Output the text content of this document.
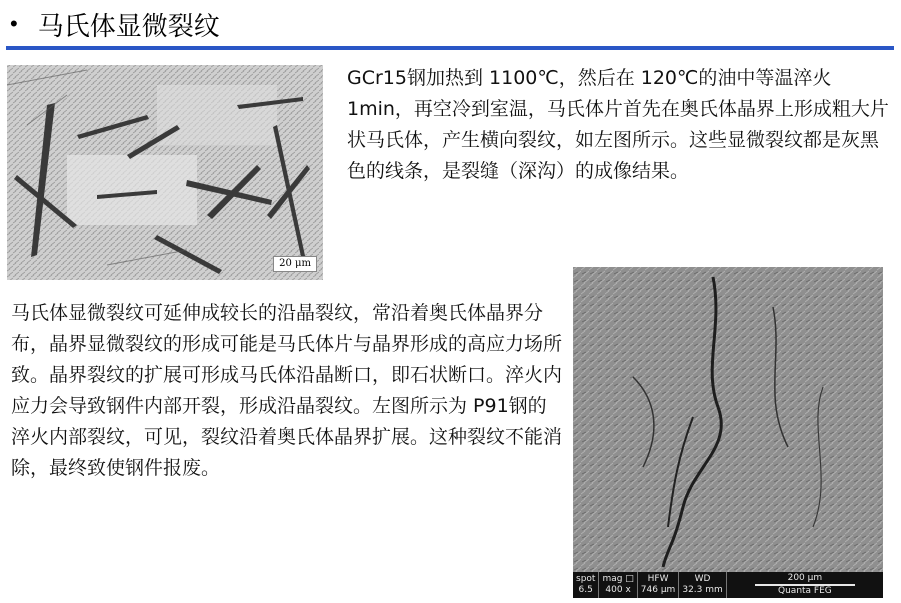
• 马氏体显微裂纹
20 μm
GCr15钢加热到 1100℃，然后在 120℃的油中等温淬火 1min，再空冷到室温，马氏体片首先在奥氏体晶界上形成粗大片状马氏体，产生横向裂纹，如左图所示。这些显微裂纹都是灰黑色的线条，是裂缝（深沟）的成像结果。
马氏体显微裂纹可延伸成较长的沿晶裂纹，常沿着奥氏体晶界分布，晶界显微裂纹的形成可能是马氏体片与晶界形成的高应力场所致。晶界裂纹的扩展可形成马氏体沿晶断口，即石状断口。淬火内应力会导致钢件内部开裂，形成沿晶裂纹。左图所示为 P91钢的淬火内部裂纹，可见，裂纹沿着奥氏体晶界扩展。这种裂纹不能消除，最终致使钢件报废。
spot
6.5
mag □
400 x
HFW
746 μm
WD
32.3 mm
200 μm
Quanta FEG
